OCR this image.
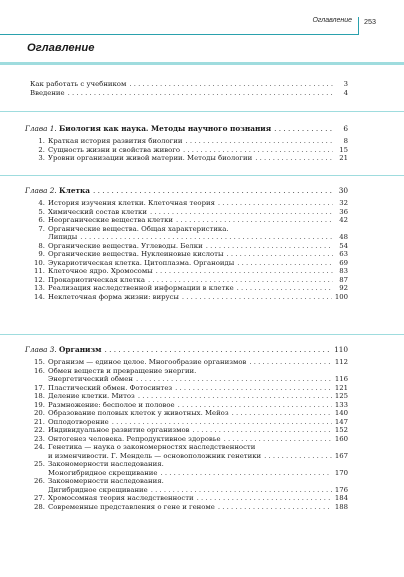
Оглавление 253
Оглавление
Как работать с учебником . . .	3
Введение . . .	4
Глава 1. Биология как наука. Методы научного познания . . .	6
1. Краткая история развития биологии . . .	8
2. Сущность жизни и свойства живого . . .	15
3. Уровни организации живой материи. Методы биологии . . .	21
Глава 2. Клетка . . .	30
4. История изучения клетки. Клеточная теория . . .	32
5. Химический состав клетки . . .	36
6. Неорганические вещества клетки . . .	42
7. Органические вещества. Общая характеристика.
Липиды . . .	48
8. Органические вещества. Углеводы. Белки . . .	54
9. Органические вещества. Нуклеиновые кислоты . . .	63
10. Эукариотическая клетка. Цитоплазма. Органоиды . . .	69
11. Клеточное ядро. Хромосомы . . .	83
12. Прокариотическая клетка . . .	87
13. Реализация наследственной информации в клетке . . .	92
14. Неклеточная форма жизни: вирусы . . .	100
Глава 3. Организм . . .	110
15. Организм — единое целое. Многообразие организмов . . .	112
16. Обмен веществ и превращение энергии.
Энергетический обмен . . .	116
17. Пластический обмен. Фотосинтез . . .	121
18. Деление клетки. Митоз . . .	125
19. Размножение: бесполое и половое . . .	133
20. Образование половых клеток у животных. Мейоз . . .	140
21. Оплодотворение . . .	147
22. Индивидуальное развитие организмов . . .	152
23. Онтогенез человека. Репродуктивное здоровье . . .	160
24. Генетика — наука о закономерностях наследственности
и изменчивости. Г. Мендель — основоположник генетики . . .	167
25. Закономерности наследования.
Моногибридное скрещивание . . .	170
26. Закономерности наследования.
Дигибридное скрещивание . . .	176
27. Хромосомная теория наследственности . . .	184
28. Современные представления о гене и геноме . . .	188
